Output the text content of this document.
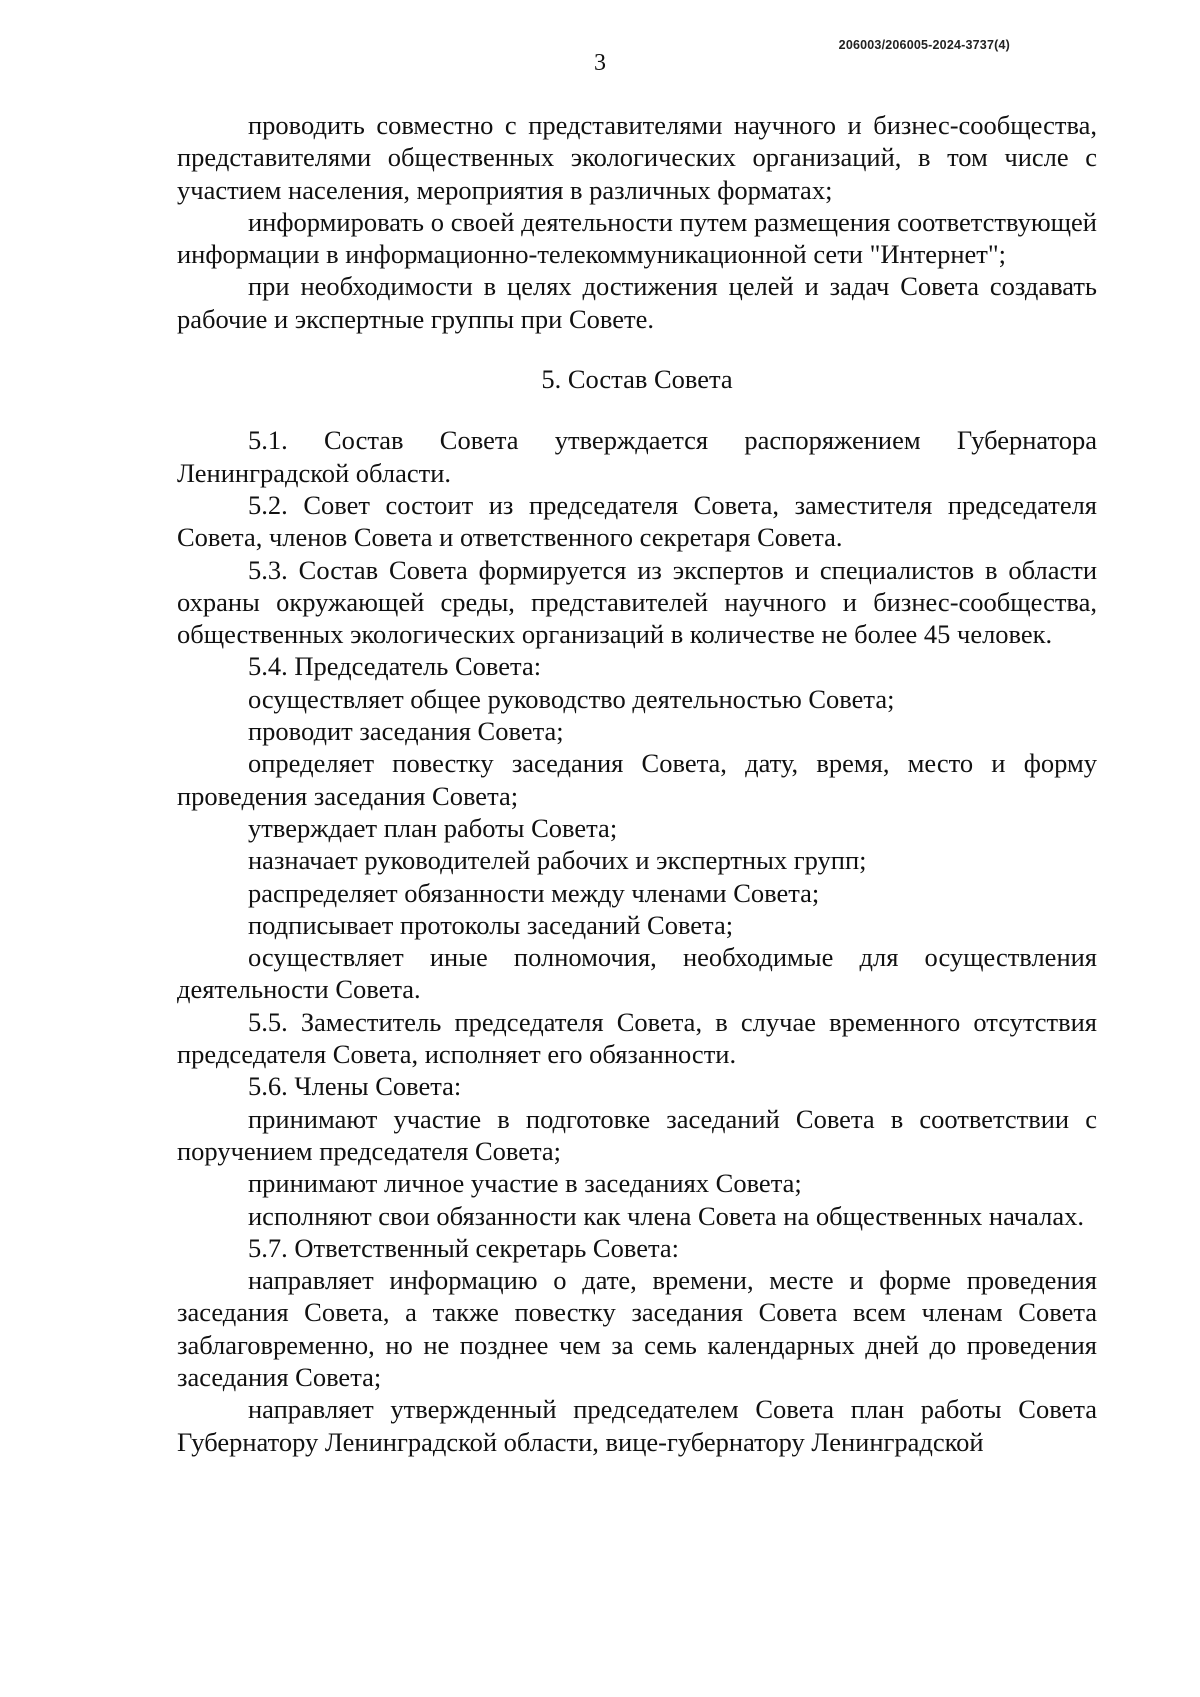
206003/206005-2024-3737(4)
3

проводить совместно с представителями научного и бизнес-сообщества, представителями общественных экологических организаций, в том числе с участием населения, мероприятия в различных форматах;

информировать о своей деятельности путем размещения соответствующей информации в информационно-телекоммуникационной сети "Интернет";

при необходимости в целях достижения целей и задач Совета создавать рабочие и экспертные группы при Совете.

5. Состав Совета

5.1. Состав Совета утверждается распоряжением Губернатора Ленинградской области.

5.2. Совет состоит из председателя Совета, заместителя председателя Совета, членов Совета и ответственного секретаря Совета.

5.3. Состав Совета формируется из экспертов и специалистов в области охраны окружающей среды, представителей научного и бизнес-сообщества, общественных экологических организаций в количестве не более 45 человек.

5.4. Председатель Совета:

осуществляет общее руководство деятельностью Совета;

проводит заседания Совета;

определяет повестку заседания Совета, дату, время, место и форму проведения заседания Совета;

утверждает план работы Совета;

назначает руководителей рабочих и экспертных групп;

распределяет обязанности между членами Совета;

подписывает протоколы заседаний Совета;

осуществляет иные полномочия, необходимые для осуществления деятельности Совета.

5.5. Заместитель председателя Совета, в случае временного отсутствия председателя Совета, исполняет его обязанности.

5.6. Члены Совета:

принимают участие в подготовке заседаний Совета в соответствии с поручением председателя Совета;

принимают личное участие в заседаниях Совета;

исполняют свои обязанности как члена Совета на общественных началах.

5.7. Ответственный секретарь Совета:

направляет информацию о дате, времени, месте и форме проведения заседания Совета, а также повестку заседания Совета всем членам Совета заблаговременно, но не позднее чем за семь календарных дней до проведения заседания Совета;

направляет утвержденный председателем Совета план работы Совета Губернатору Ленинградской области, вице-губернатору Ленинградской
